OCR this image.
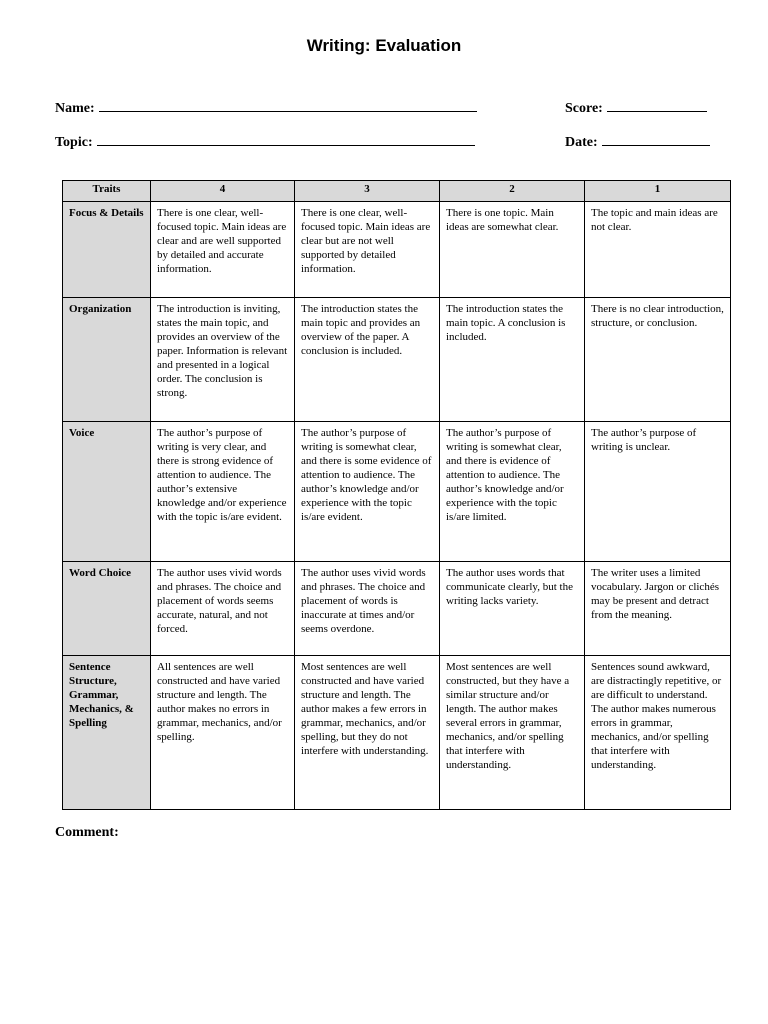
Writing: Evaluation
Name:	Score:
Topic:	Date:
Traits	4	3	2	1
Focus & Details	There is one clear, well-focused topic. Main ideas are clear and are well supported by detailed and accurate information.	There is one clear, well-focused topic. Main ideas are clear but are not well supported by detailed information.	There is one topic. Main ideas are somewhat clear.	The topic and main ideas are not clear.
Organization	The introduction is inviting, states the main topic, and provides an overview of the paper. Information is relevant and presented in a logical order. The conclusion is strong.	The introduction states the main topic and provides an overview of the paper. A conclusion is included.	The introduction states the main topic. A conclusion is included.	There is no clear introduction, structure, or conclusion.
Voice	The author’s purpose of writing is very clear, and there is strong evidence of attention to audience. The author’s extensive knowledge and/or experience with the topic is/are evident.	The author’s purpose of writing is somewhat clear, and there is some evidence of attention to audience. The author’s knowledge and/or experience with the topic is/are evident.	The author’s purpose of writing is somewhat clear, and there is evidence of attention to audience. The author’s knowledge and/or experience with the topic is/are limited.	The author’s purpose of writing is unclear.
Word Choice	The author uses vivid words and phrases. The choice and placement of words seems accurate, natural, and not forced.	The author uses vivid words and phrases. The choice and placement of words is inaccurate at times and/or seems overdone.	The author uses words that communicate clearly, but the writing lacks variety.	The writer uses a limited vocabulary. Jargon or clichés may be present and detract from the meaning.
Sentence Structure, Grammar, Mechanics, & Spelling	All sentences are well constructed and have varied structure and length. The author makes no errors in grammar, mechanics, and/or spelling.	Most sentences are well constructed and have varied structure and length. The author makes a few errors in grammar, mechanics, and/or spelling, but they do not interfere with understanding.	Most sentences are well constructed, but they have a similar structure and/or length. The author makes several errors in grammar, mechanics, and/or spelling that interfere with understanding.	Sentences sound awkward, are distractingly repetitive, or are difficult to understand. The author makes numerous errors in grammar, mechanics, and/or spelling that interfere with understanding.
Comment:
